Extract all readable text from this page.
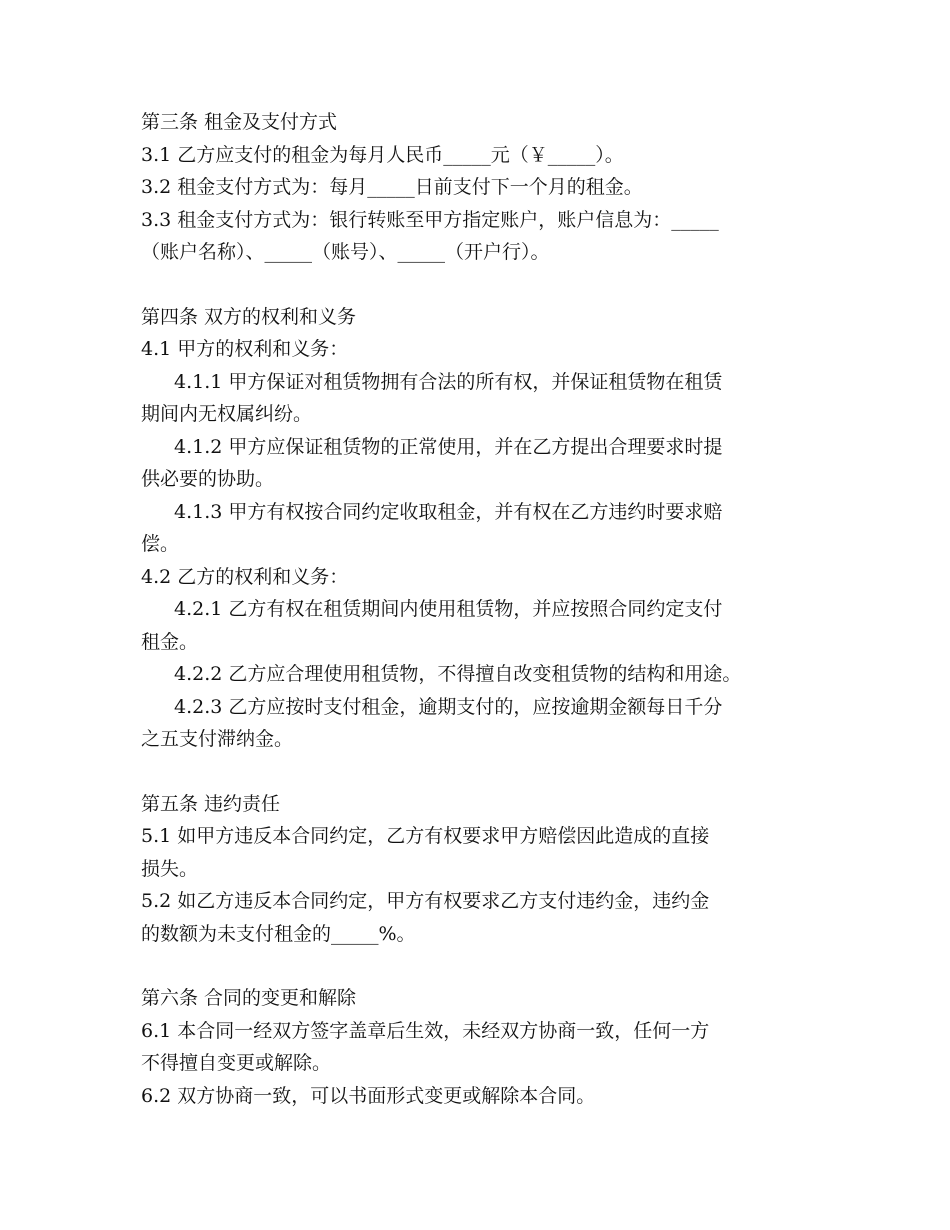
第三条 租金及支付方式
3.1 乙方应支付的租金为每月人民币_____元（￥_____）。
3.2 租金支付方式为：每月_____日前支付下一个月的租金。
3.3 租金支付方式为：银行转账至甲方指定账户，账户信息为：_____
（账户名称）、_____（账号）、_____（开户行）。
第四条 双方的权利和义务
4.1 甲方的权利和义务：
4.1.1 甲方保证对租赁物拥有合法的所有权，并保证租赁物在租赁
期间内无权属纠纷。
4.1.2 甲方应保证租赁物的正常使用，并在乙方提出合理要求时提
供必要的协助。
4.1.3 甲方有权按合同约定收取租金，并有权在乙方违约时要求赔
偿。
4.2 乙方的权利和义务：
4.2.1 乙方有权在租赁期间内使用租赁物，并应按照合同约定支付
租金。
4.2.2 乙方应合理使用租赁物，不得擅自改变租赁物的结构和用途。
4.2.3 乙方应按时支付租金，逾期支付的，应按逾期金额每日千分
之五支付滞纳金。
第五条 违约责任
5.1 如甲方违反本合同约定，乙方有权要求甲方赔偿因此造成的直接
损失。
5.2 如乙方违反本合同约定，甲方有权要求乙方支付违约金，违约金
的数额为未支付租金的_____%。
第六条 合同的变更和解除
6.1 本合同一经双方签字盖章后生效，未经双方协商一致，任何一方
不得擅自变更或解除。
6.2 双方协商一致，可以书面形式变更或解除本合同。
